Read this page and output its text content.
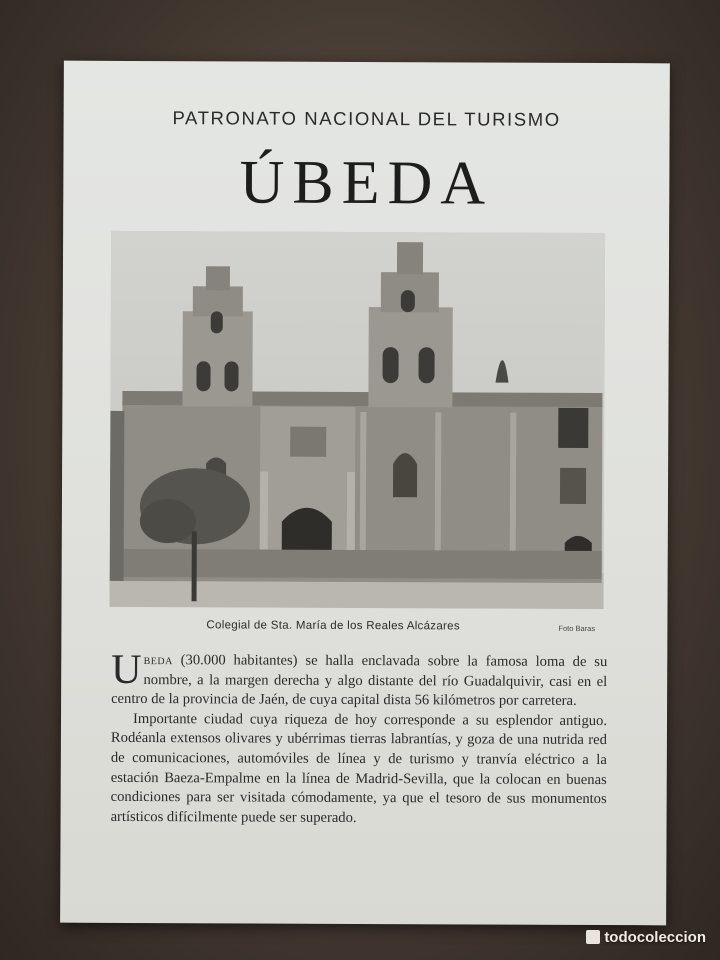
PATRONATO NACIONAL DEL TURISMO
ÚBEDA
Colegial de Sta. María de los Reales Alcázares	Foto Baras

Ubeda (30.000 habitantes) se halla enclavada sobre la famosa loma de su nombre, a la margen derecha y algo distante del río Guadalquivir, casi en el centro de la provincia de Jaén, de cuya capital dista 56 kilómetros por carretera.

Importante ciudad cuya riqueza de hoy corresponde a su esplendor antiguo. Rodéanla extensos olivares y ubérrimas tierras labrantías, y goza de una nutrida red de comunicaciones, automóviles de línea y de turismo y tranvía eléctrico a la estación Baeza-Empalme en la línea de Madrid-Sevilla, que la colocan en buenas condiciones para ser visitada cómodamente, ya que el tesoro de sus monumentos artísticos difícilmente puede ser superado.

todocoleccion
